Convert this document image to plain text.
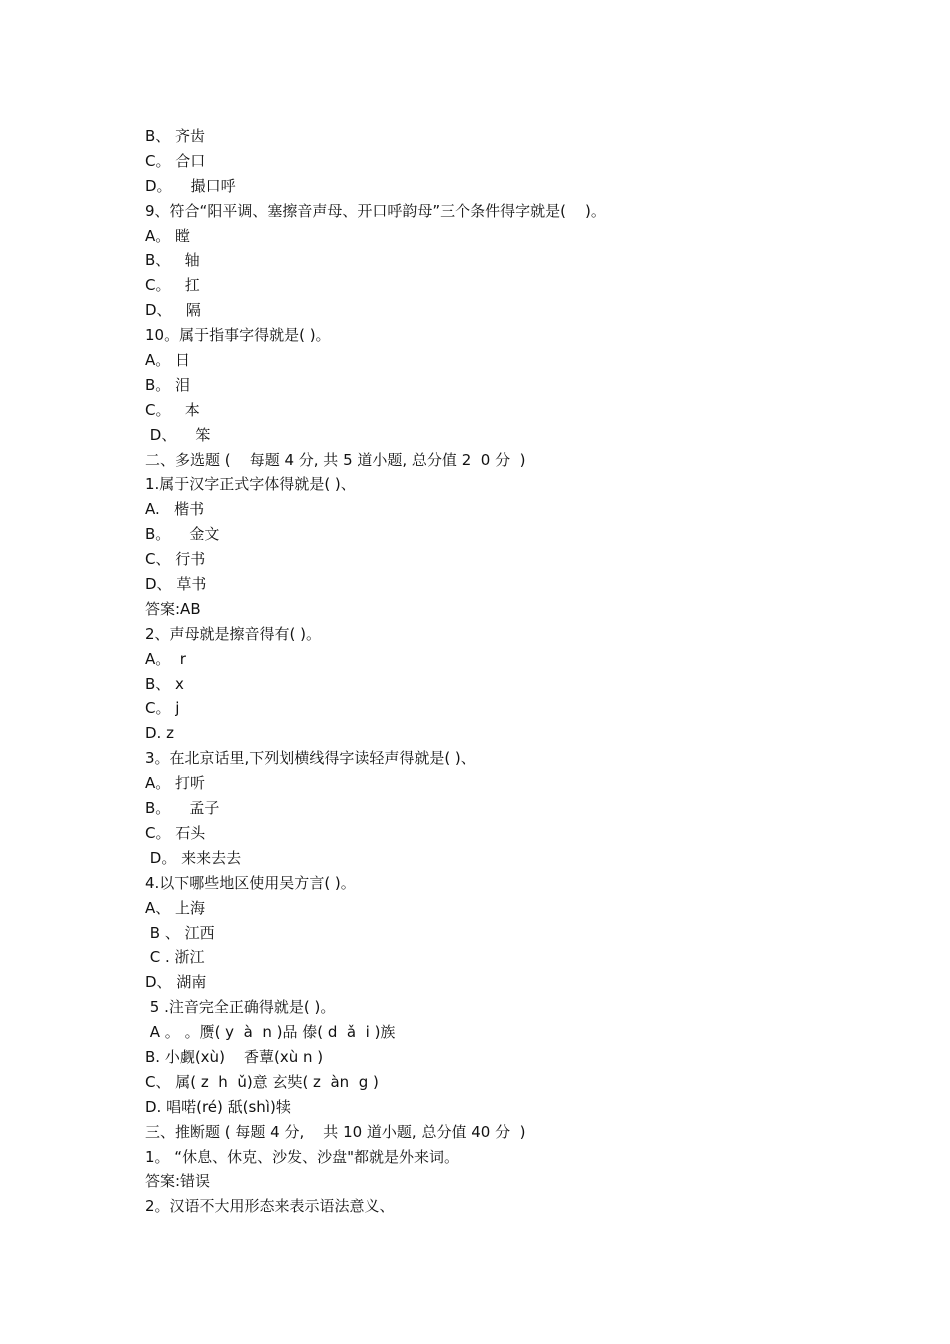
B、 齐齿
C。 合口
D。    撮口呼
9、符合“阳平调、塞擦音声母、开口呼韵母”三个条件得字就是(    )。
A。 瞠
B、   轴
C。   扛
D、   隔
10。属于指事字得就是( )。
A。 日
B。 泪
C。   本
D、    笨
二、多选题 (    每题 4 分, 共 5 道小题, 总分值 2  0 分  )
1.属于汉字正式字体得就是( )、
A.   楷书
B。    金文
C、 行书
D、 草书
答案:AB
2、声母就是擦音得有( )。
A。  r
B、 x
C。 j
D. z
3。在北京话里,下列划横线得字读轻声得就是( )、
A。 打听
B。    孟子
C。 石头
D。 来来去去
4.以下哪些地区使用吴方言( )。
A、 上海
B 、 江西
C . 浙江
D、 湖南
5 .注音完全正确得就是( )。
A 。 。赝( y  à  n )品 傣( d  ǎ  i )族
B. 小觑(xù)    香蕈(xù n )
C、 属( z  h  ǔ)意 玄奘( z  àn  g )
D. 唱喏(ré) 舐(shì)犊
三、推断题 ( 每题 4 分,    共 10 道小题, 总分值 40 分  )
1。 “休息、休克、沙发、沙盘"都就是外来词。
答案:错误
2。汉语不大用形态来表示语法意义、
